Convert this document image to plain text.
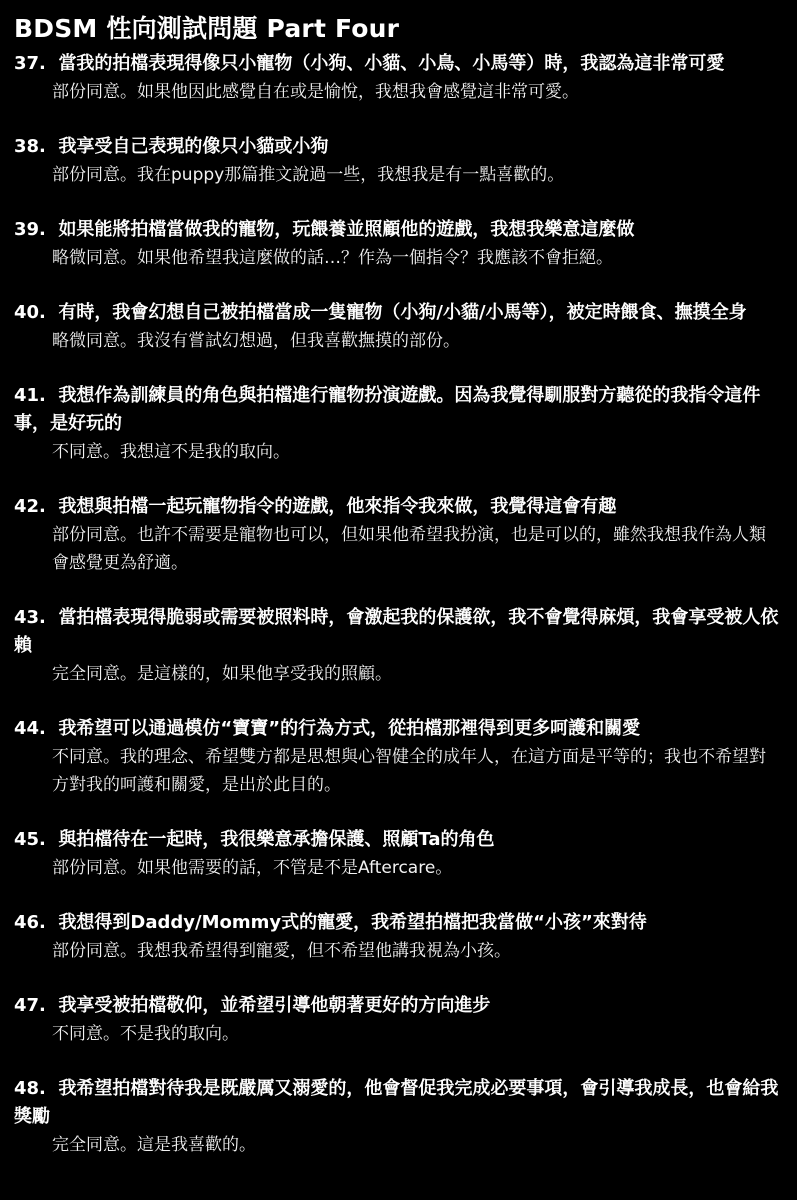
BDSM 性向測試問題 Part Four
37. 當我的拍檔表現得像只小寵物（小狗、小貓、小鳥、小馬等）時，我認為這非常可愛
部份同意。如果他因此感覺自在或是愉悅，我想我會感覺這非常可愛。
38. 我享受自己表現的像只小貓或小狗
部份同意。我在puppy那篇推文說過一些，我想我是有一點喜歡的。
39. 如果能將拍檔當做我的寵物，玩餵養並照顧他的遊戲，我想我樂意這麼做
略微同意。如果他希望我這麼做的話…？作為一個指令？我應該不會拒絕。
40. 有時，我會幻想自己被拍檔當成一隻寵物（小狗/小貓/小馬等），被定時餵食、撫摸全身
略微同意。我沒有嘗試幻想過，但我喜歡撫摸的部份。
41. 我想作為訓練員的角色與拍檔進行寵物扮演遊戲。因為我覺得馴服對方聽從的我指令這件事，是好玩的
不同意。我想這不是我的取向。
42. 我想與拍檔一起玩寵物指令的遊戲，他來指令我來做，我覺得這會有趣
部份同意。也許不需要是寵物也可以，但如果他希望我扮演，也是可以的，雖然我想我作為人類會感覺更為舒適。
43. 當拍檔表現得脆弱或需要被照料時，會激起我的保護欲，我不會覺得麻煩，我會享受被人依賴
完全同意。是這樣的，如果他享受我的照顧。
44. 我希望可以通過模仿“寶寶”的行為方式，從拍檔那裡得到更多呵護和關愛
不同意。我的理念、希望雙方都是思想與心智健全的成年人，在這方面是平等的；我也不希望對方對我的呵護和關愛，是出於此目的。
45. 與拍檔待在一起時，我很樂意承擔保護、照顧Ta的角色
部份同意。如果他需要的話，不管是不是Aftercare。
46. 我想得到Daddy/Mommy式的寵愛，我希望拍檔把我當做“小孩”來對待
部份同意。我想我希望得到寵愛，但不希望他講我視為小孩。
47. 我享受被拍檔敬仰，並希望引導他朝著更好的方向進步
不同意。不是我的取向。
48. 我希望拍檔對待我是既嚴厲又溺愛的，他會督促我完成必要事項，會引導我成長，也會給我獎勵
完全同意。這是我喜歡的。
